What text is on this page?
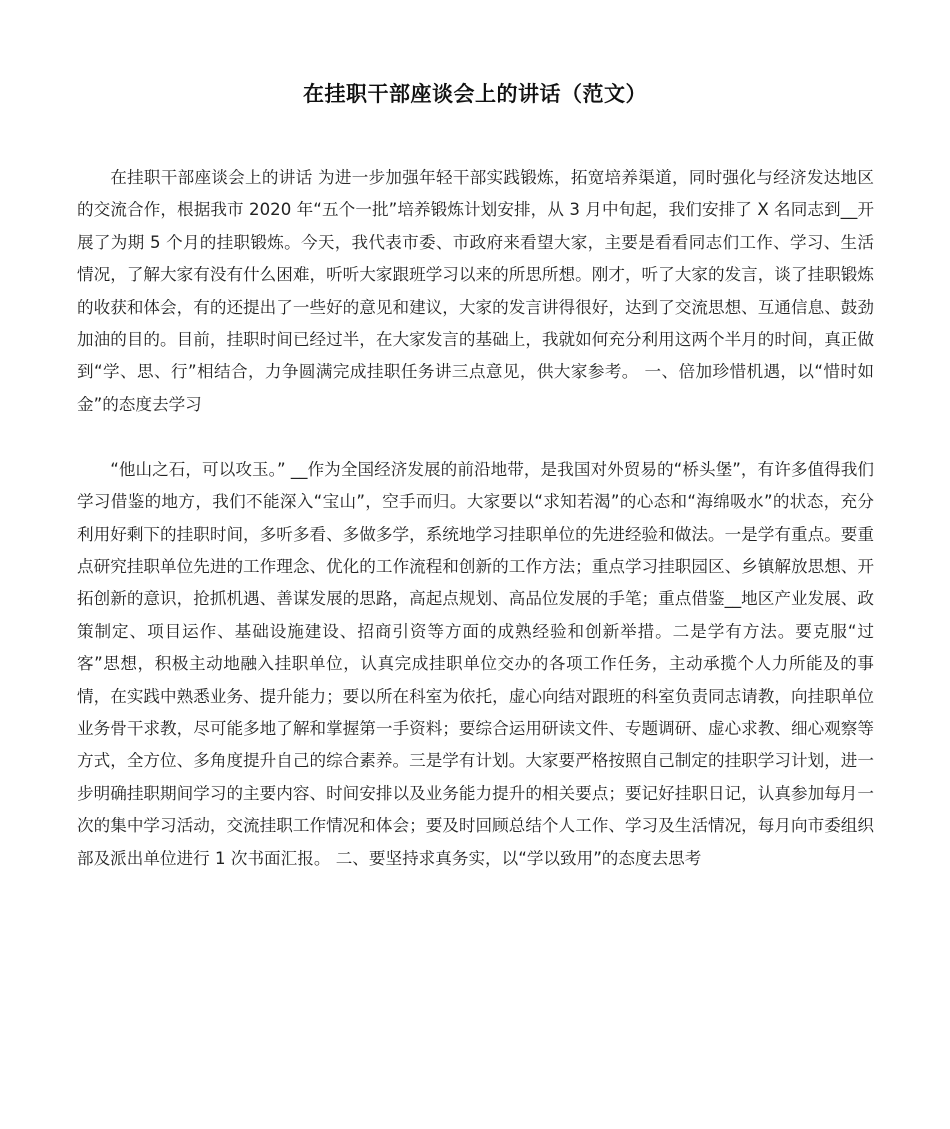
在挂职干部座谈会上的讲话（范文）

在挂职干部座谈会上的讲话 为进一步加强年轻干部实践锻炼，拓宽培养渠道，同时强化与经济发达地区的交流合作，根据我市 2020 年“五个一批”培养锻炼计划安排，从 3 月中旬起，我们安排了 X 名同志到__开展了为期 5 个月的挂职锻炼。今天，我代表市委、市政府来看望大家，主要是看看同志们工作、学习、生活情况，了解大家有没有什么困难，听听大家跟班学习以来的所思所想。刚才，听了大家的发言，谈了挂职锻炼的收获和体会，有的还提出了一些好的意见和建议，大家的发言讲得很好，达到了交流思想、互通信息、鼓劲加油的目的。目前，挂职时间已经过半，在大家发言的基础上，我就如何充分利用这两个半月的时间，真正做到“学、思、行”相结合，力争圆满完成挂职任务讲三点意见，供大家参考。 一、倍加珍惜机遇，以“惜时如金”的态度去学习

“他山之石，可以攻玉。” __作为全国经济发展的前沿地带，是我国对外贸易的“桥头堡”，有许多值得我们学习借鉴的地方，我们不能深入“宝山”，空手而归。大家要以“求知若渴”的心态和“海绵吸水”的状态，充分利用好剩下的挂职时间，多听多看、多做多学，系统地学习挂职单位的先进经验和做法。一是学有重点。要重点研究挂职单位先进的工作理念、优化的工作流程和创新的工作方法；重点学习挂职园区、乡镇解放思想、开拓创新的意识，抢抓机遇、善谋发展的思路，高起点规划、高品位发展的手笔；重点借鉴__地区产业发展、政策制定、项目运作、基础设施建设、招商引资等方面的成熟经验和创新举措。二是学有方法。要克服“过客”思想，积极主动地融入挂职单位，认真完成挂职单位交办的各项工作任务，主动承揽个人力所能及的事情，在实践中熟悉业务、提升能力；要以所在科室为依托，虚心向结对跟班的科室负责同志请教，向挂职单位业务骨干求教，尽可能多地了解和掌握第一手资料；要综合运用研读文件、专题调研、虚心求教、细心观察等方式，全方位、多角度提升自己的综合素养。三是学有计划。大家要严格按照自己制定的挂职学习计划，进一步明确挂职期间学习的主要内容、时间安排以及业务能力提升的相关要点；要记好挂职日记，认真参加每月一次的集中学习活动，交流挂职工作情况和体会；要及时回顾总结个人工作、学习及生活情况，每月向市委组织部及派出单位进行 1 次书面汇报。 二、要坚持求真务实，以“学以致用”的态度去思考
